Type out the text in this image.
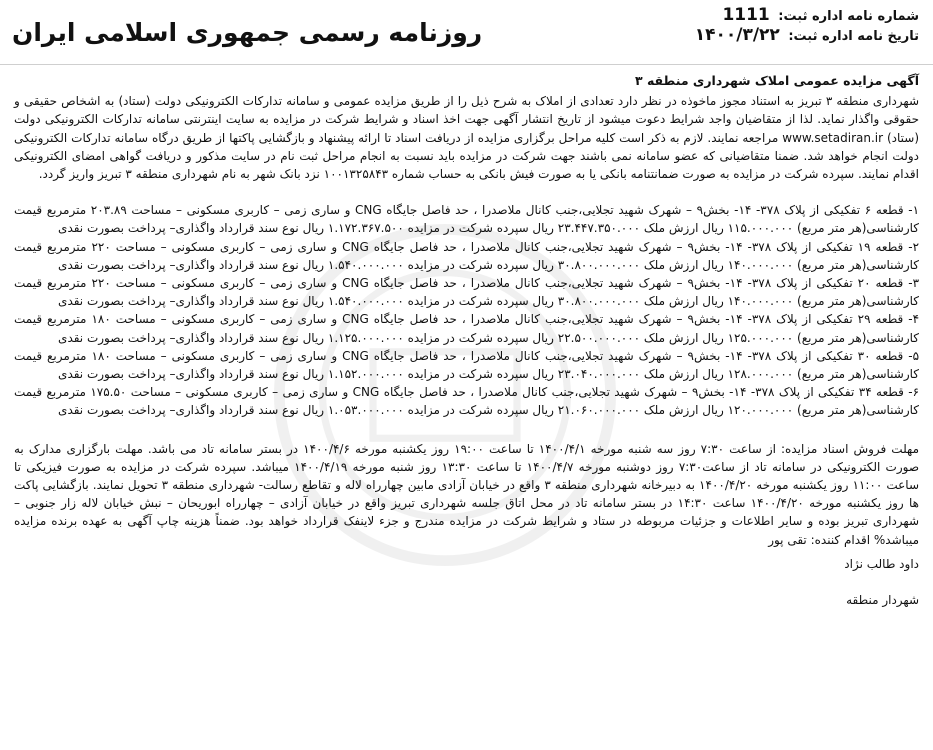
روزنامه رسمی جمهوری اسلامی ایران
شماره نامه اداره ثبت: 1111
تاریخ نامه اداره ثبت: ۱۴۰۰/۳/۲۲

آگهی مزایده عمومی املاک شهرداری منطقه ۳

شهرداری منطقه ۳ تبریز به استناد مجوز ماخوذه در نظر دارد تعدادی از املاک به شرح ذیل را از طریق مزایده عمومی و سامانه تدارکات الکترونیکی دولت (ستاد) به اشخاص حقیقی و حقوقی واگذار نماید. لذا از متقاضیان واجد شرایط دعوت میشود از تاریخ انتشار آگهی جهت اخذ اسناد و شرایط شرکت در مزایده به سایت اینترنتی سامانه تدارکات الکترونیکی دولت (ستاد) www.setadiran.ir مراجعه نمایند. لازم به ذکر است کلیه مراحل برگزاری مزایده از دریافت اسناد تا ارائه پیشنهاد و بازگشایی پاکتها از طریق درگاه سامانه تدارکات الکترونیکی دولت انجام خواهد شد. ضمنا متقاضیانی که عضو سامانه نمی باشند جهت شرکت در مزایده باید نسبت به انجام مراحل ثبت نام در سایت مذکور و دریافت گواهی امضای الکترونیکی اقدام نمایند. سپرده شرکت در مزایده به صورت ضمانتنامه بانکی یا به صورت فیش بانکی به حساب شماره ۱۰۰۱۳۲۵۸۴۳ نزد بانک شهر به نام شهرداری منطقه ۳ تبریز واریز گردد.

۱- قطعه ۶ تفکیکی از پلاک ۳۷۸- ۱۴- بخش۹ – شهرک شهید تجلایی،جنب کانال ملاصدرا ، حد فاصل جایگاه CNG و ساری زمی – کاربری مسکونی – مساحت ۲۰۳.۸۹ مترمربع قیمت کارشناسی(هر متر مربع) ۱۱۵.۰۰۰.۰۰۰ ریال ارزش ملک ۲۳.۴۴۷.۳۵۰.۰۰۰ ریال سپرده شرکت در مزایده ۱.۱۷۲.۳۶۷.۵۰۰ ریال نوع سند قرارداد واگذاری– پرداخت بصورت نقدی

۲- قطعه ۱۹ تفکیکی از پلاک ۳۷۸- ۱۴- بخش۹ – شهرک شهید تجلایی،جنب کانال ملاصدرا ، حد فاصل جایگاه CNG و ساری زمی – کاربری مسکونی – مساحت ۲۲۰ مترمربع قیمت کارشناسی(هر متر مربع) ۱۴۰.۰۰۰.۰۰۰ ریال ارزش ملک ۳۰.۸۰۰.۰۰۰.۰۰۰ ریال سپرده شرکت در مزایده ۱.۵۴۰.۰۰۰.۰۰۰ ریال نوع سند قرارداد واگذاری– پرداخت بصورت نقدی

۳- قطعه ۲۰ تفکیکی از پلاک ۳۷۸- ۱۴- بخش۹ – شهرک شهید تجلایی،جنب کانال ملاصدرا ، حد فاصل جایگاه CNG و ساری زمی – کاربری مسکونی – مساحت ۲۲۰ مترمربع قیمت کارشناسی(هر متر مربع) ۱۴۰.۰۰۰.۰۰۰ ریال ارزش ملک ۳۰.۸۰۰.۰۰۰.۰۰۰ ریال سپرده شرکت در مزایده ۱.۵۴۰.۰۰۰.۰۰۰ ریال نوع سند قرارداد واگذاری– پرداخت بصورت نقدی

۴- قطعه ۲۹ تفکیکی از پلاک ۳۷۸- ۱۴- بخش۹ – شهرک شهید تجلایی،جنب کانال ملاصدرا ، حد فاصل جایگاه CNG و ساری زمی – کاربری مسکونی – مساحت ۱۸۰ مترمربع قیمت کارشناسی(هر متر مربع) ۱۲۵.۰۰۰.۰۰۰ ریال ارزش ملک ۲۲.۵۰۰.۰۰۰.۰۰۰ ریال سپرده شرکت در مزایده ۱.۱۲۵.۰۰۰.۰۰۰ ریال نوع سند قرارداد واگذاری– پرداخت بصورت نقدی

۵- قطعه ۳۰ تفکیکی از پلاک ۳۷۸- ۱۴- بخش۹ – شهرک شهید تجلایی،جنب کانال ملاصدرا ، حد فاصل جایگاه CNG و ساری زمی – کاربری مسکونی – مساحت ۱۸۰ مترمربع قیمت کارشناسی(هر متر مربع) ۱۲۸.۰۰۰.۰۰۰ ریال ارزش ملک ۲۳.۰۴۰.۰۰۰.۰۰۰ ریال سپرده شرکت در مزایده ۱.۱۵۲.۰۰۰.۰۰۰ ریال نوع سند قرارداد واگذاری– پرداخت بصورت نقدی

۶- قطعه ۳۴ تفکیکی از پلاک ۳۷۸- ۱۴- بخش۹ – شهرک شهید تجلایی،جنب کانال ملاصدرا ، حد فاصل جایگاه CNG و ساری زمی – کاربری مسکونی – مساحت ۱۷۵.۵۰ مترمربع قیمت کارشناسی(هر متر مربع) ۱۲۰.۰۰۰.۰۰۰ ریال ارزش ملک ۲۱.۰۶۰.۰۰۰.۰۰۰ ریال سپرده شرکت در مزایده ۱.۰۵۳.۰۰۰.۰۰۰ ریال نوع سند قرارداد واگذاری– پرداخت بصورت نقدی

مهلت فروش اسناد مزایده: از ساعت ۷:۳۰ روز سه شنبه مورخه ۱۴۰۰/۴/۱ تا ساعت ۱۹:۰۰ روز یکشنبه مورخه ۱۴۰۰/۴/۶ در بستر سامانه تاد می باشد. مهلت بارگزاری مدارک به صورت الکترونیکی در سامانه تاد از ساعت۷:۳۰ روز دوشنبه مورخه ۱۴۰۰/۴/۷ تا ساعت ۱۳:۳۰ روز شنبه مورخه ۱۴۰۰/۴/۱۹ میباشد. سپرده شرکت در مزایده به صورت فیزیکی تا ساعت ۱۱:۰۰ روز یکشنبه مورخه ۱۴۰۰/۴/۲۰ به دبیرخانه شهرداری منطقه ۳ واقع در خیابان آزادی مابین چهارراه لاله و تقاطع رسالت- شهرداری منطقه ۳ تحویل نمایند. بازگشایی پاکت ها روز یکشنبه مورخه ۱۴۰۰/۴/۲۰ ساعت ۱۴:۳۰ در بستر سامانه تاد در محل اتاق جلسه شهرداری تبریز واقع در خیابان آزادی – چهارراه ابوریحان – نبش خیابان لاله زار جنوبی – شهرداری تبریز بوده و سایر اطلاعات و جزئیات مربوطه در ستاد و شرایط شرکت در مزایده مندرج و جزء لاینفک قرارداد خواهد بود. ضمناً هزینه چاپ آگهی به عهده برنده مزایده میباشد% اقدام کننده: تقی پور

داود طالب نژاد

شهردار منطقه
